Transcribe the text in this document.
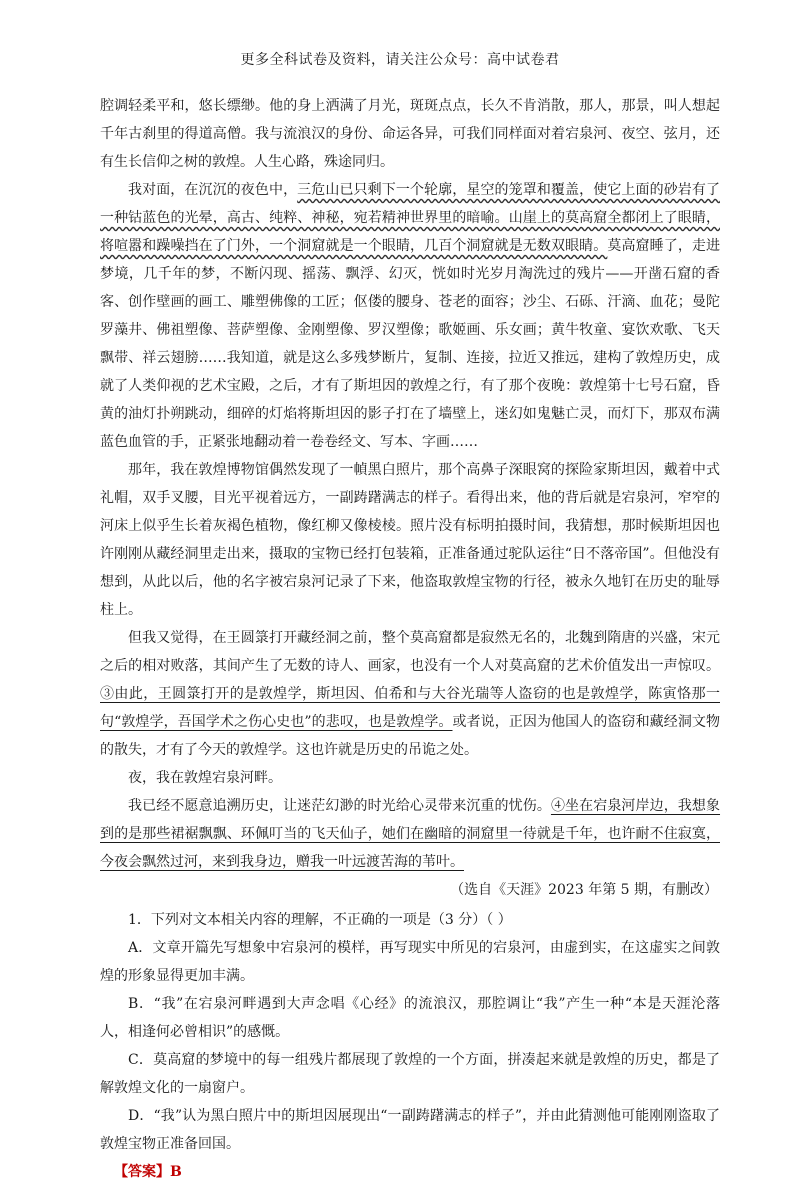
更多全科试卷及资料，请关注公众号：高中试卷君

腔调轻柔平和，悠长缥缈。他的身上洒满了月光，斑斑点点，长久不肯消散，那人，那景，叫人想起千年古刹里的得道高僧。我与流浪汉的身份、命运各异，可我们同样面对着宕泉河、夜空、弦月，还有生长信仰之树的敦煌。人生心路，殊途同归。

我对面，在沉沉的夜色中，三危山已只剩下一个轮廓，星空的笼罩和覆盖，使它上面的砂岩有了一种钴蓝色的光晕，高古、纯粹、神秘，宛若精神世界里的暗喻。山崖上的莫高窟全都闭上了眼睛，将喧嚣和躁噪挡在了门外，一个洞窟就是一个眼睛，几百个洞窟就是无数双眼睛。莫高窟睡了，走进梦境，几千年的梦，不断闪现、摇荡、飘浮、幻灭，恍如时光岁月淘洗过的残片——开凿石窟的香客、创作壁画的画工、雕塑佛像的工匠；伛偻的腰身、苍老的面容；沙尘、石砾、汗滴、血花；曼陀罗藻井、佛祖塑像、菩萨塑像、金刚塑像、罗汉塑像；歌姬画、乐女画；黄牛牧童、宴饮欢歌、飞天飘带、祥云翅膀……我知道，就是这么多残梦断片，复制、连接，拉近又推远，建构了敦煌历史，成就了人类仰视的艺术宝殿，之后，才有了斯坦因的敦煌之行，有了那个夜晚：敦煌第十七号石窟，昏黄的油灯扑朔跳动，细碎的灯焰将斯坦因的影子打在了墙壁上，迷幻如鬼魅亡灵，而灯下，那双布满蓝色血管的手，正紧张地翻动着一卷卷经文、写本、字画……

那年，我在敦煌博物馆偶然发现了一幀黑白照片，那个高鼻子深眼窝的探险家斯坦因，戴着中式礼帽，双手叉腰，目光平视着远方，一副踌躇满志的样子。看得出来，他的背后就是宕泉河，窄窄的河床上似乎生长着灰褐色植物，像红柳又像棱棱。照片没有标明拍摄时间，我猜想，那时候斯坦因也许刚刚从藏经洞里走出来，摄取的宝物已经打包装箱，正准备通过驼队运往“日不落帝国”。但他没有想到，从此以后，他的名字被宕泉河记录了下来，他盗取敦煌宝物的行径，被永久地钉在历史的耻辱柱上。

但我又觉得，在王圆箓打开藏经洞之前，整个莫高窟都是寂然无名的，北魏到隋唐的兴盛，宋元之后的相对败落，其间产生了无数的诗人、画家，也没有一个人对莫高窟的艺术价值发出一声惊叹。③由此，王圆箓打开的是敦煌学，斯坦因、伯希和与大谷光瑞等人盗窃的也是敦煌学，陈寅恪那一句“敦煌学，吾国学术之伤心史也”的悲叹，也是敦煌学。或者说，正因为他国人的盗窃和藏经洞文物的散失，才有了今天的敦煌学。这也许就是历史的吊诡之处。

夜，我在敦煌宕泉河畔。

我已经不愿意追溯历史，让迷茫幻渺的时光给心灵带来沉重的忧伤。④坐在宕泉河岸边，我想象到的是那些裙裾飘飘、环佩叮当的飞天仙子，她们在幽暗的洞窟里一待就是千年，也许耐不住寂寞，今夜会飘然过河，来到我身边，赠我一叶远渡苦海的苇叶。

（选自《天涯》2023 年第 5 期，有删改）

1．下列对文本相关内容的理解，不正确的一项是（3 分）（ ）

A．文章开篇先写想象中宕泉河的模样，再写现实中所见的宕泉河，由虚到实，在这虚实之间敦煌的形象显得更加丰满。

B．“我”在宕泉河畔遇到大声念唱《心经》的流浪汉，那腔调让“我”产生一种“本是天涯沦落人，相逢何必曾相识”的感慨。

C．莫高窟的梦境中的每一组残片都展现了敦煌的一个方面，拼凑起来就是敦煌的历史，都是了解敦煌文化的一扇窗户。

D．“我”认为黑白照片中的斯坦因展现出“一副踌躇满志的样子”，并由此猜测他可能刚刚盗取了敦煌宝物正准备回国。

【答案】B
